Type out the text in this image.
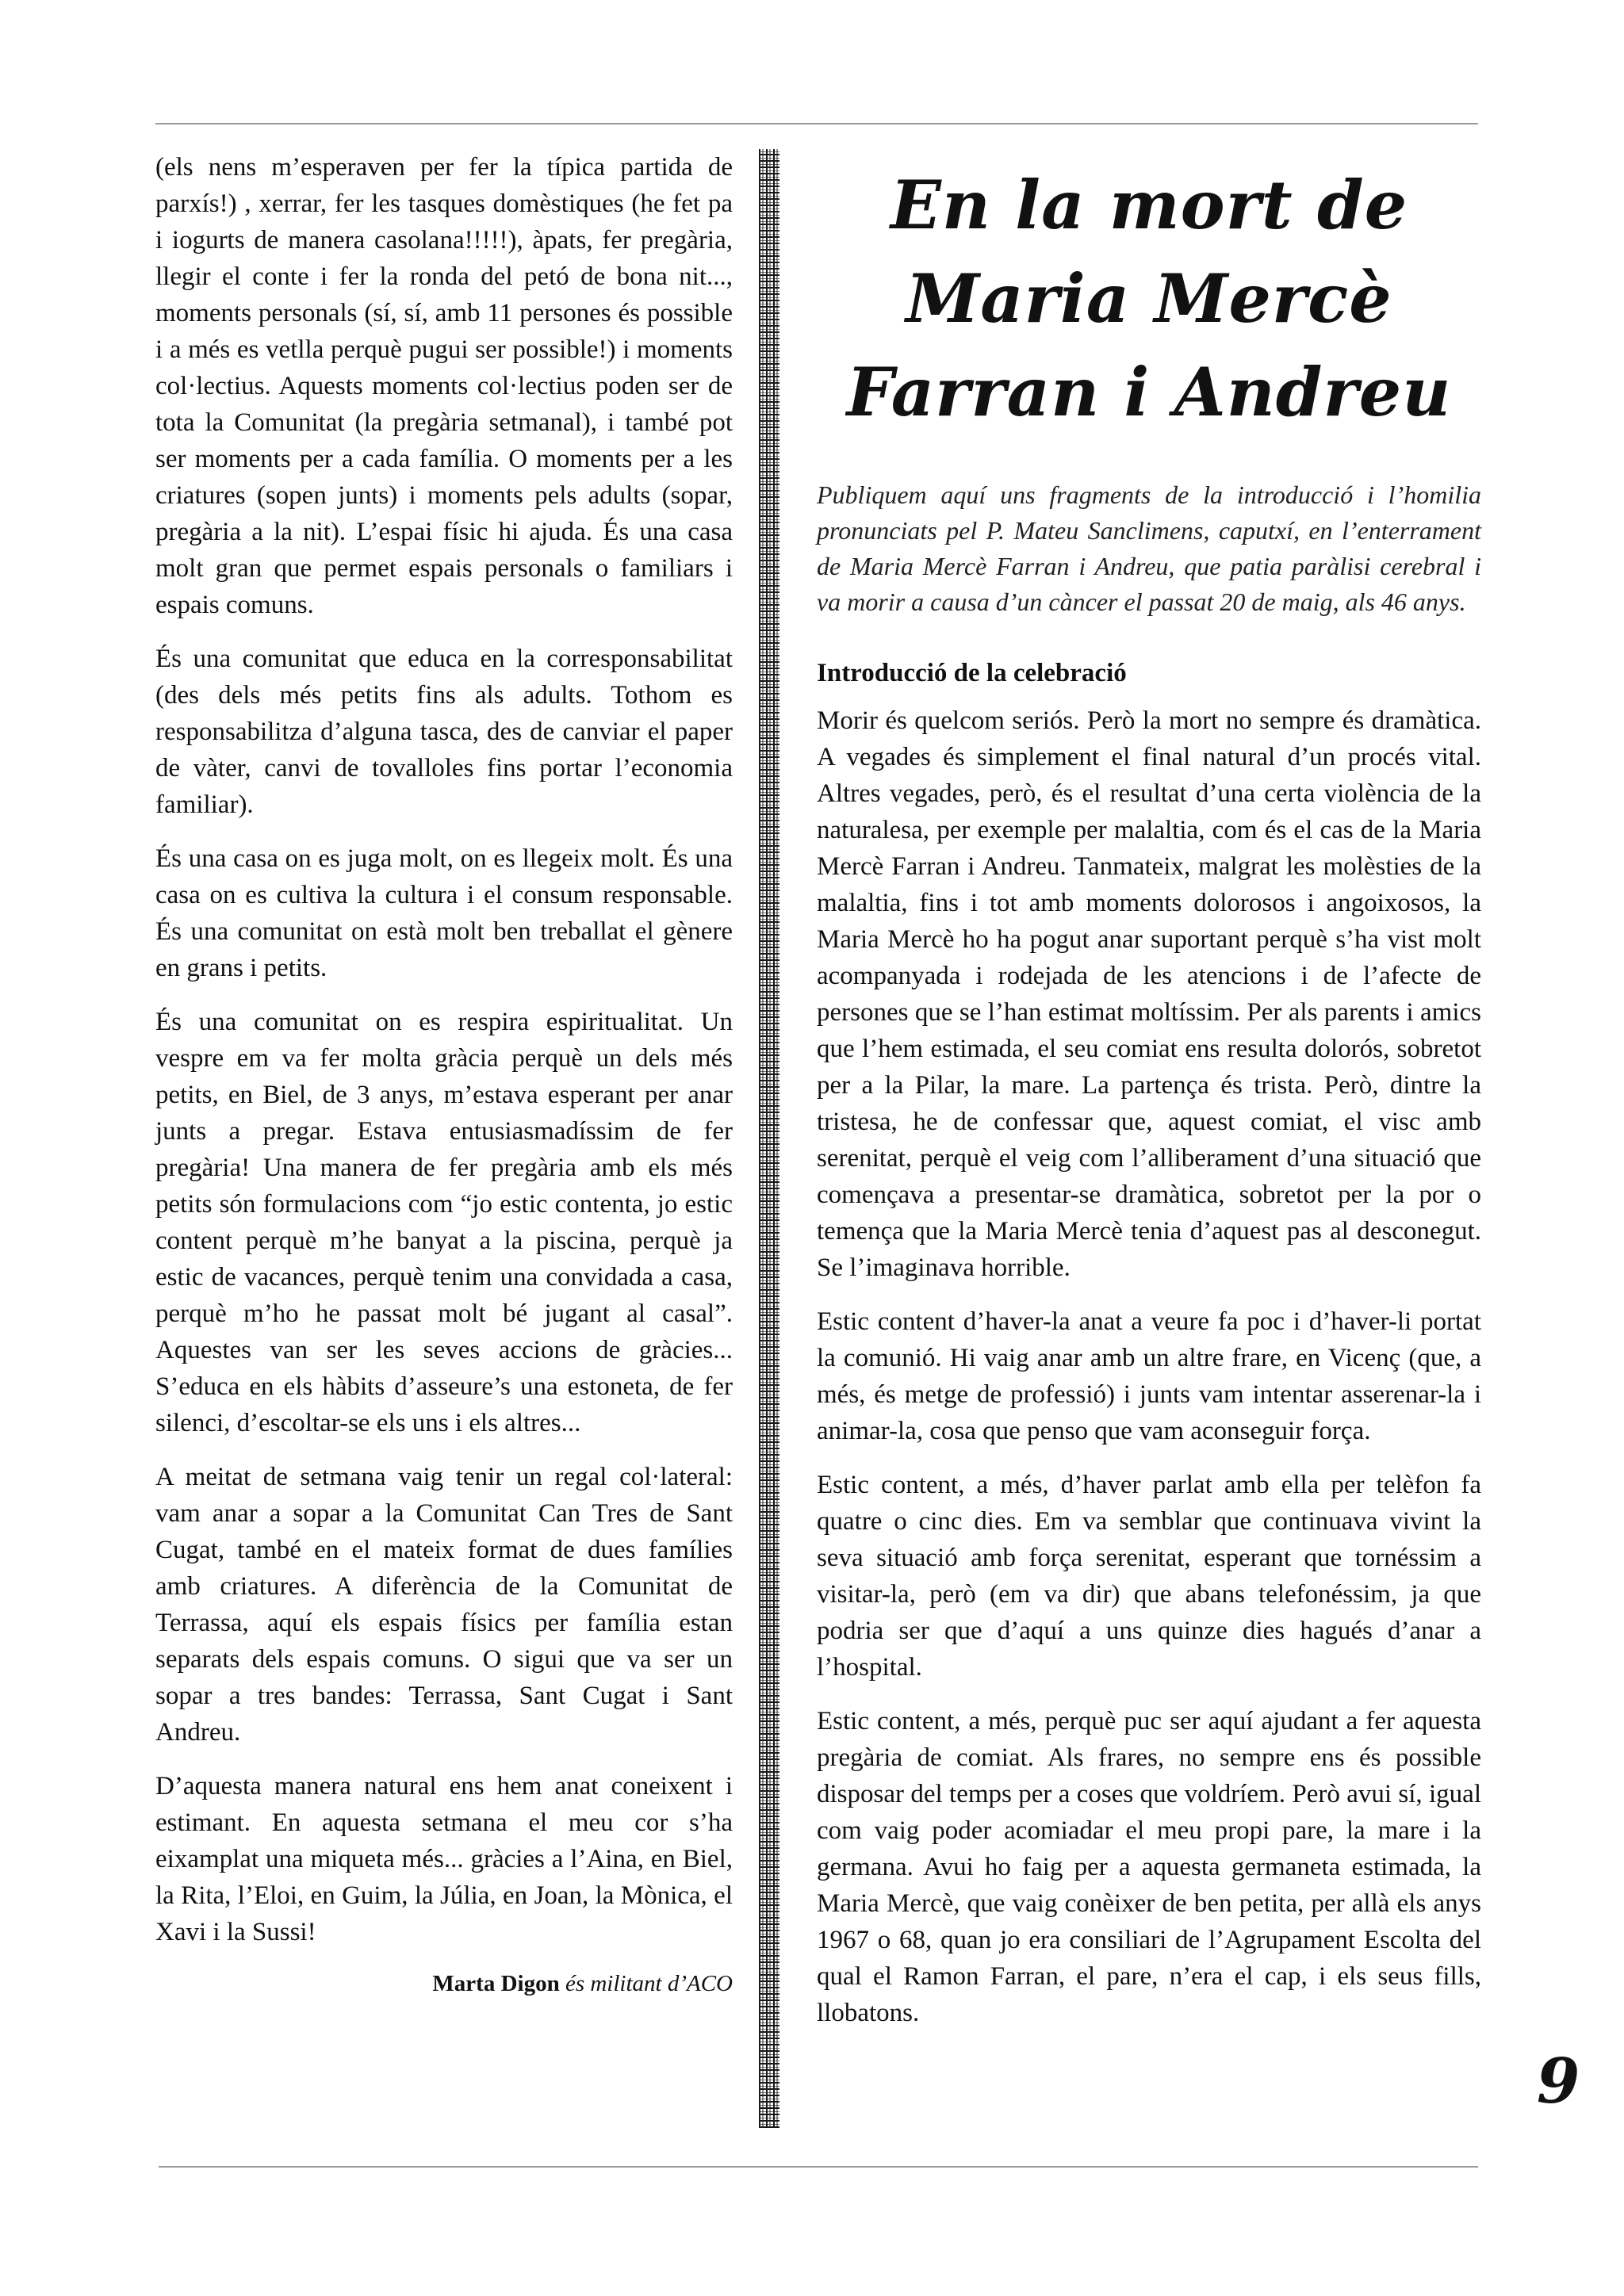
(els nens m’esperaven per fer la típica partida de parxís!) , xerrar, fer les tasques domèstiques (he fet pa i iogurts de manera casolana!!!!!), àpats, fer pregària, llegir el conte i fer la ronda del petó de bona nit..., moments personals (sí, sí, amb 11 persones és possible i a més es vetlla perquè pugui ser possible!) i moments col·lectius. Aquests moments col·lectius poden ser de tota la Comunitat (la pregària setmanal), i també pot ser moments per a cada família. O moments per a les criatures (sopen junts) i moments pels adults (sopar, pregària a la nit). L’espai físic hi ajuda. És una casa molt gran que permet espais personals o familiars i espais comuns.

És una comunitat que educa en la corresponsabilitat (des dels més petits fins als adults. Tothom es responsabilitza d’alguna tasca, des de canviar el paper de vàter, canvi de tovalloles fins portar l’economia familiar).

És una casa on es juga molt, on es llegeix molt. És una casa on es cultiva la cultura i el consum responsable. És una comunitat on està molt ben treballat el gènere en grans i petits.

És una comunitat on es respira espiritualitat. Un vespre em va fer molta gràcia perquè un dels més petits, en Biel, de 3 anys, m’estava esperant per anar junts a pregar. Estava entusiasmadíssim de fer pregària! Una manera de fer pregària amb els més petits són formulacions com “jo estic contenta, jo estic content perquè m’he banyat a la piscina, perquè ja estic de vacances, perquè tenim una convidada a casa, perquè m’ho he passat molt bé jugant al casal”. Aquestes van ser les seves accions de gràcies... S’educa en els hàbits d’asseure’s una estoneta, de fer silenci, d’escoltar-se els uns i els altres...

A meitat de setmana vaig tenir un regal col·lateral: vam anar a sopar a la Comunitat Can Tres de Sant Cugat, també en el mateix format de dues famílies amb criatures. A diferència de la Comunitat de Terrassa, aquí els espais físics per família estan separats dels espais comuns. O sigui que va ser un sopar a tres bandes: Terrassa, Sant Cugat i Sant Andreu.

D’aquesta manera natural ens hem anat coneixent i estimant. En aquesta setmana el meu cor s’ha eixamplat una miqueta més... gràcies a l’Aina, en Biel, la Rita, l’Eloi, en Guim, la Júlia, en Joan, la Mònica, el Xavi i la Sussi!

Marta Digon és militant d’ACO
En la mort de
Maria Mercè
Farran i Andreu

Publiquem aquí uns fragments de la introducció i l’homilia pronunciats pel P. Mateu Sanclimens, caputxí, en l’enterrament de Maria Mercè Farran i Andreu, que patia paràlisi cerebral i va morir a causa d’un càncer el passat 20 de maig, als 46 anys.

Introducció de la celebració

Morir és quelcom seriós. Però la mort no sempre és dramàtica. A vegades és simplement el final natural d’un procés vital. Altres vegades, però, és el resultat d’una certa violència de la naturalesa, per exemple per malaltia, com és el cas de la Maria Mercè Farran i Andreu. Tanmateix, malgrat les molèsties de la malaltia, fins i tot amb moments dolorosos i angoixosos, la Maria Mercè ho ha pogut anar suportant perquè s’ha vist molt acompanyada i rodejada de les atencions i de l’afecte de persones que se l’han estimat moltíssim. Per als parents i amics que l’hem estimada, el seu comiat ens resulta dolorós, sobretot per a la Pilar, la mare. La partença és trista. Però, dintre la tristesa, he de confessar que, aquest comiat, el visc amb serenitat, perquè el veig com l’alliberament d’una situació que començava a presentar-se dramàtica, sobretot per la por o temença que la Maria Mercè tenia d’aquest pas al desconegut. Se l’imaginava horrible.

Estic content d’haver-la anat a veure fa poc i d’haver-li portat la comunió. Hi vaig anar amb un altre frare, en Vicenç (que, a més, és metge de professió) i junts vam intentar asserenar-la i animar-la, cosa que penso que vam aconseguir força.

Estic content, a més, d’haver parlat amb ella per telèfon fa quatre o cinc dies. Em va semblar que continuava vivint la seva situació amb força serenitat, esperant que tornéssim a visitar-la, però (em va dir) que abans telefonéssim, ja que podria ser que d’aquí a uns quinze dies hagués d’anar a l’hospital.

Estic content, a més, perquè puc ser aquí ajudant a fer aquesta pregària de comiat. Als frares, no sempre ens és possible disposar del temps per a coses que voldríem. Però avui sí, igual com vaig poder acomiadar el meu propi pare, la mare i la germana. Avui ho faig per a aquesta germaneta estimada, la Maria Mercè, que vaig conèixer de ben petita, per allà els anys 1967 o 68, quan jo era consiliari de l’Agrupament Escolta del qual el Ramon Farran, el pare, n’era el cap, i els seus fills, llobatons.

9
